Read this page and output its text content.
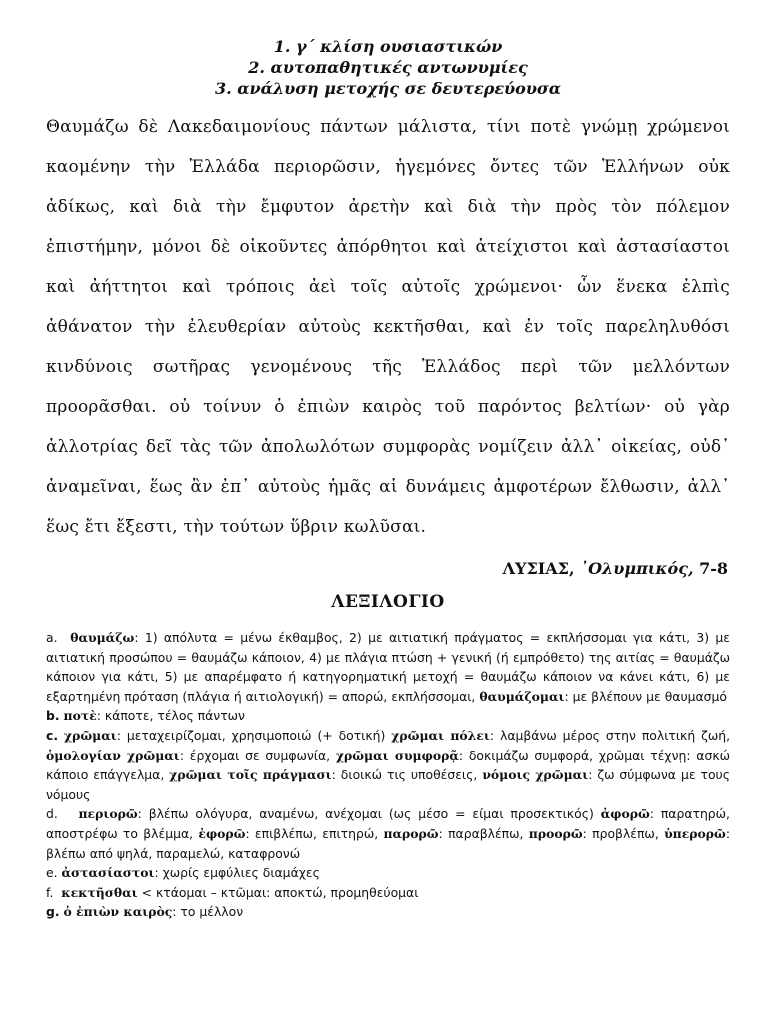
1. γ΄ κλίση ουσιαστικών
2. αυτοπαθητικές αντωνυμίες
3. ανάλυση μετοχής σε δευτερεύουσα

Θαυμάζω δὲ Λακεδαιμονίους πάντων μάλιστα, τίνι ποτὲ γνώμῃ χρώμενοι καομένην τὴν Ἑλλάδα περιορῶσιν, ἡγεμόνες ὄντες τῶν Ἑλλήνων οὐκ ἀδίκως, καὶ διὰ τὴν ἔμφυτον ἀρετὴν καὶ διὰ τὴν πρὸς τὸν πόλεμον ἐπιστήμην, μόνοι δὲ οἰκοῦντες ἀπόρθητοι καὶ ἀτείχιστοι καὶ ἀστασίαστοι καὶ ἀήττητοι καὶ τρόποις ἀεὶ τοῖς αὐτοῖς χρώμενοι· ὧν ἕνεκα ἐλπὶς ἀθάνατον τὴν ἐλευθερίαν αὐτοὺς κεκτῆσθαι, καὶ ἐν τοῖς παρεληλυθόσι κινδύνοις σωτῆρας γενομένους τῆς Ἑλλάδος περὶ τῶν μελλόντων προορᾶσθαι. οὐ τοίνυν ὁ ἐπιὼν καιρὸς τοῦ παρόντος βελτίων· οὐ γὰρ ἀλλοτρίας δεῖ τὰς τῶν ἀπολωλότων συμφορὰς νομίζειν ἀλλ᾽ οἰκείας, οὐδ᾽ ἀναμεῖναι, ἕως ἂν ἐπ᾽ αὐτοὺς ἡμᾶς αἱ δυνάμεις ἀμφοτέρων ἔλθωσιν, ἀλλ᾽ ἕως ἔτι ἔξεστι, τὴν τούτων ὕβριν κωλῦσαι.

ΛΥΣΙΑΣ, ᾽Ολυμπικός, 7-8
ΛΕΞΙΛΟΓΙΟ

a. θαυμάζω: 1) απόλυτα = μένω έκθαμβος, 2) με αιτιατική πράγματος = εκπλήσσομαι για κάτι, 3) με αιτιατική προσώπου = θαυμάζω κάποιον, 4) με πλάγια πτώση + γενική (ή εμπρόθετο) της αιτίας = θαυμάζω κάποιον για κάτι, 5) με απαρέμφατο ή κατηγορηματική μετοχή = θαυμάζω κάποιον να κάνει κάτι, 6) με εξαρτημένη πρόταση (πλάγια ή αιτιολογική) = απορώ, εκπλήσσομαι, θαυμάζομαι: με βλέπουν με θαυμασμό

b. ποτὲ: κάποτε, τέλος πάντων

c. χρῶμαι: μεταχειρίζομαι, χρησιμοποιώ (+ δοτική) χρῶμαι πόλει: λαμβάνω μέρος στην πολιτική ζωή, ὁμολογίαν χρῶμαι: έρχομαι σε συμφωνία, χρῶμαι συμφορᾷ: δοκιμάζω συμφορά, χρῶμαι τέχνῃ: ασκώ κάποιο επάγγελμα, χρῶμαι τοῖς πράγμασι: διοικώ τις υποθέσεις, νόμοις χρῶμαι: ζω σύμφωνα με τους νόμους

d. περιορῶ: βλέπω ολόγυρα, αναμένω, ανέχομαι (ως μέσο = είμαι προσεκτικός) ἀφορῶ: παρατηρώ, αποστρέφω το βλέμμα, ἐφορῶ: επιβλέπω, επιτηρώ, παρορῶ: παραβλέπω, προορῶ: προβλέπω, ὑπερορῶ: βλέπω από ψηλά, παραμελώ, καταφρονώ

e. ἀστασίαστοι: χωρίς εμφύλιες διαμάχες

f. κεκτῆσθαι < κτάομαι – κτῶμαι: αποκτώ, προμηθεύομαι

g. ὁ ἐπιὼν καιρὸς: το μέλλον
